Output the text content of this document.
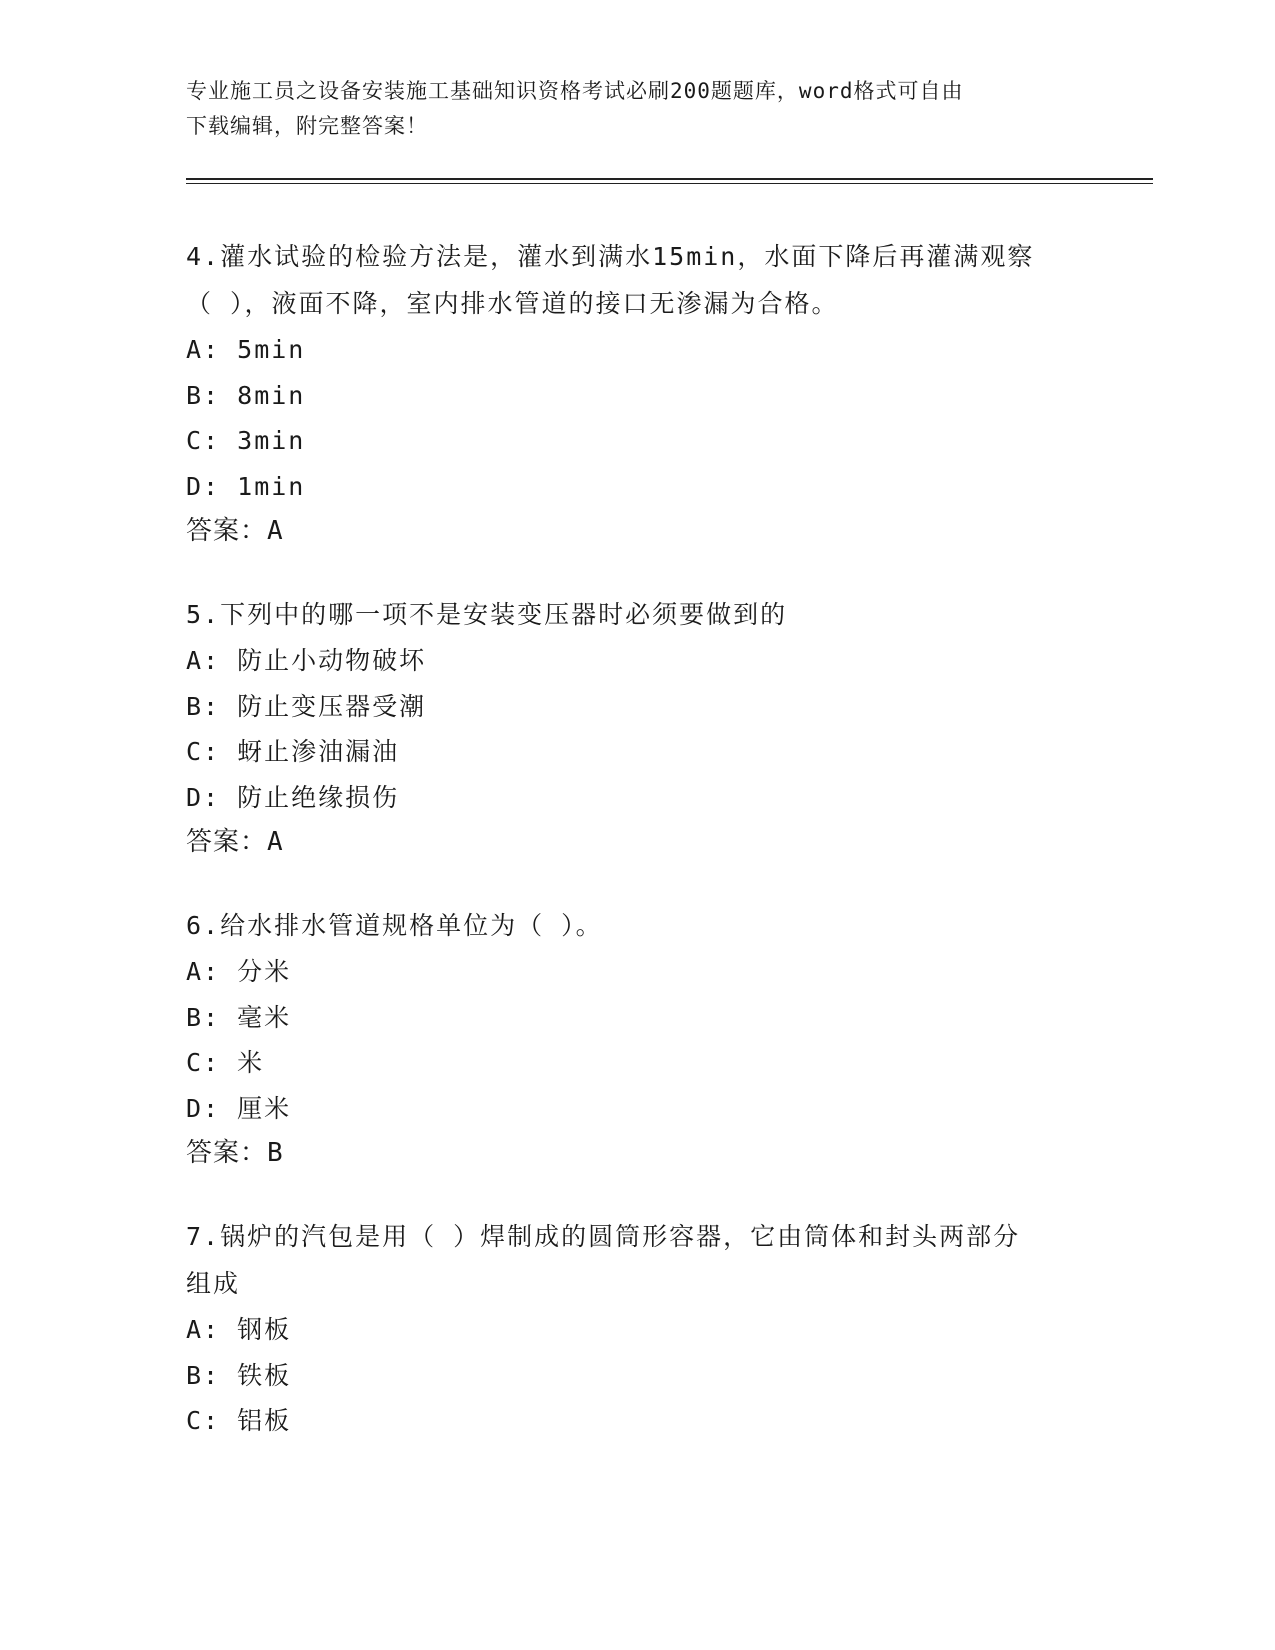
专业施工员之设备安装施工基础知识资格考试必刷200题题库，word格式可自由
下载编辑，附完整答案！

4.灌水试验的检验方法是，灌水到满水15min，水面下降后再灌满观察
（ ），液面不降，室内排水管道的接口无渗漏为合格。

A: 5min
B: 8min
C: 3min
D: 1min
答案：A

5.下列中的哪一项不是安装变压器时必须要做到的

A: 防止小动物破坏
B: 防止变压器受潮
C: 蚜止渗油漏油
D: 防止绝缘损伤
答案：A

6.给水排水管道规格单位为（ ）。

A: 分米
B: 毫米
C: 米
D: 厘米
答案：B

7.锅炉的汽包是用（ ）焊制成的圆筒形容器，它由筒体和封头两部分
组成

A: 钢板
B: 铁板
C: 铝板
